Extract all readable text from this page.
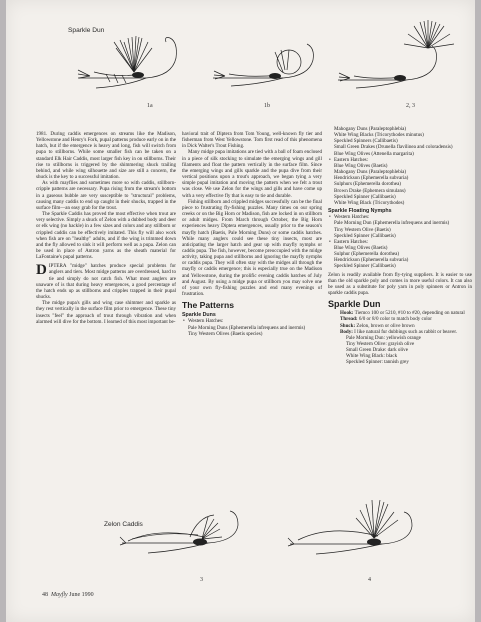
Sparkle Dun
1a	1b	2, 3

1981. During caddis emergences on streams like the Madison, Yellowstone and Henry's Fork, pupal patterns produce early on in the hatch, but if the emergence is heavy and long, fish will switch from pupa to stillborns. While some smaller fish can be taken on a standard Elk Hair Caddis, most larger fish key in on stillborns. Their rise to stillborns is triggered by the shimmering shuck trailing behind, and while wing silhouette and size are still a concern, the shuck is the key to a successful imitation.

As with mayflies and sometimes more so with caddis, stillborn-cripple patterns are necessary. Pupa rising from the stream's bottom in a gaseous bubble are very susceptible to "structural" problems, causing many caddis to end up caught in their shucks, trapped in the surface film—an easy grab for the trout.

The Sparkle Caddis has proved the most effective when trout are very selective. Simply a shuck of Zelon with a dubbed body and deer or elk wing (no hackle) in a few sizes and colors and any stillborn or crippled caddis can be effectively imitated. This fly will also work when fish are on "healthy" adults, and if the wing is trimmed down and the fly allowed to sink it will perform well as a pupa. Zelon can be used in place of Antron yarns as the sheath material for LaFontaine's pupal patterns.

DIPTERA "midge" hatches produce special problems for anglers and tiers. Most midge patterns are overdressed, hard to tie and simply do not catch fish. What most anglers are unaware of is that during heavy emergences, a good percentage of the hatch ends up as stillborns and cripples trapped in their pupal shucks.

The midge pupa's gills and wing case shimmer and sparkle as they rest vertically in the surface film prior to emergence. These tiny insects "feel" the approach of trout through vibration and when alarmed will dive for the bottom. I learned of this most important be-

havioral trait of Diptera from Tom Young, well-known fly tier and fisherman from West Yellowstone. Tom first read of this phenomena in Dick Walter's Trout Fishing.

Many midge pupa imitations are tied with a ball of foam enclosed in a piece of silk stocking to simulate the emerging wings and gill filaments and float the pattern vertically in the surface film. Since the emerging wings and gills sparkle and the pupa dive from their vertical positions upon a trout's approach, we began tying a very simple pupal imitation and moving the pattern when we felt a trout was close. We use Zelon for the wings and gills and have come up with a very effective fly that is easy to tie and durable.

Fishing stillborn and crippled midges successfully can be the final piece to frustrating fly-fishing puzzles. Many times on our spring creeks or on the Big Horn or Madison, fish are locked in on stillborn or adult midges. From March through October, the Big Horn experiences heavy Diptera emergences, usually prior to the season's mayfly hatch (Baetis, Pale Morning Duns) or some caddis hatches. While many anglers could see these tiny insects, most are anticipating the larger hatch and gear up with mayfly nymphs or caddis pupa. The fish, however, become preoccupied with the midge activity, taking pupa and stillborns and ignoring the mayfly nymphs or caddis pupa. They will often stay with the midges all through the mayfly or caddis emergence; this is especially true on the Madison and Yellowstone, during the prolific evening caddis hatches of July and August. By using a midge pupa or stillborn you may solve one of your own fly-fishing puzzles and end many evenings of frustration.

The Patterns
Sparkle Duns
• Western Hatches:
Pale Morning Duns (Ephemerella infrequens and inermis)
Tiny Western Olives (Baetis species)
Mahogany Duns (Paraleptophlebia)
White Wing Blacks (Tricorythodes minutus)
Speckled Spinners (Callibaetis)
Small Green Drakes (Drunella flavilinea and coloradensis)
Blue Wing Olives (Attenella margarita)
• Eastern Hatches:
Blue Wing Olives (Baetis)
Mahogany Duns (Paraleptophlebia)
Hendrickson (Ephemerella subvaria)
Sulphurs (Ephemerella dorothea)
Brown Drake (Ephemera simulans)
Speckled Spinner (Callibaetis)
White Wing Black (Tricorythodes)
Sparkle Floating Nymphs
• Western Hatches:
Pale Morning Dun (Ephemerella infrequens and inermis)
Tiny Western Olive (Baetis)
Speckled Spinner (Callibaetis)
• Eastern Hatches:
Blue Wing Olives (Baetis)
Sulphur (Ephemerella dorothea)
Hendrickson (Ephemerella subvaria)
Speckled Spinner (Callibaetis)

Zelon is readily available from fly-tying suppliers. It is easier to use than the old sparkle poly and comes in more useful colors. It can also be used as a substitute for poly yarn in poly spinners or Antron in sparkle caddis pupa.

Sparkle Dun

Hook: Tiemco 100 or 5210, #10 to #20, depending on natural

Thread: 6/0 or 8/0 color to match body color

Shuck: Zelon, brown or olive brown

Body: I like natural fur dubbings such as rabbit or beaver.

Pale Morning Dun: yellowish orange

Tiny Western Olive: grayish olive

Small Green Drake: dark olive

White Wing Black: black

Speckled Spinner: tannish grey

Zelon Caddis
3	4
48 Mayfly June 1990
